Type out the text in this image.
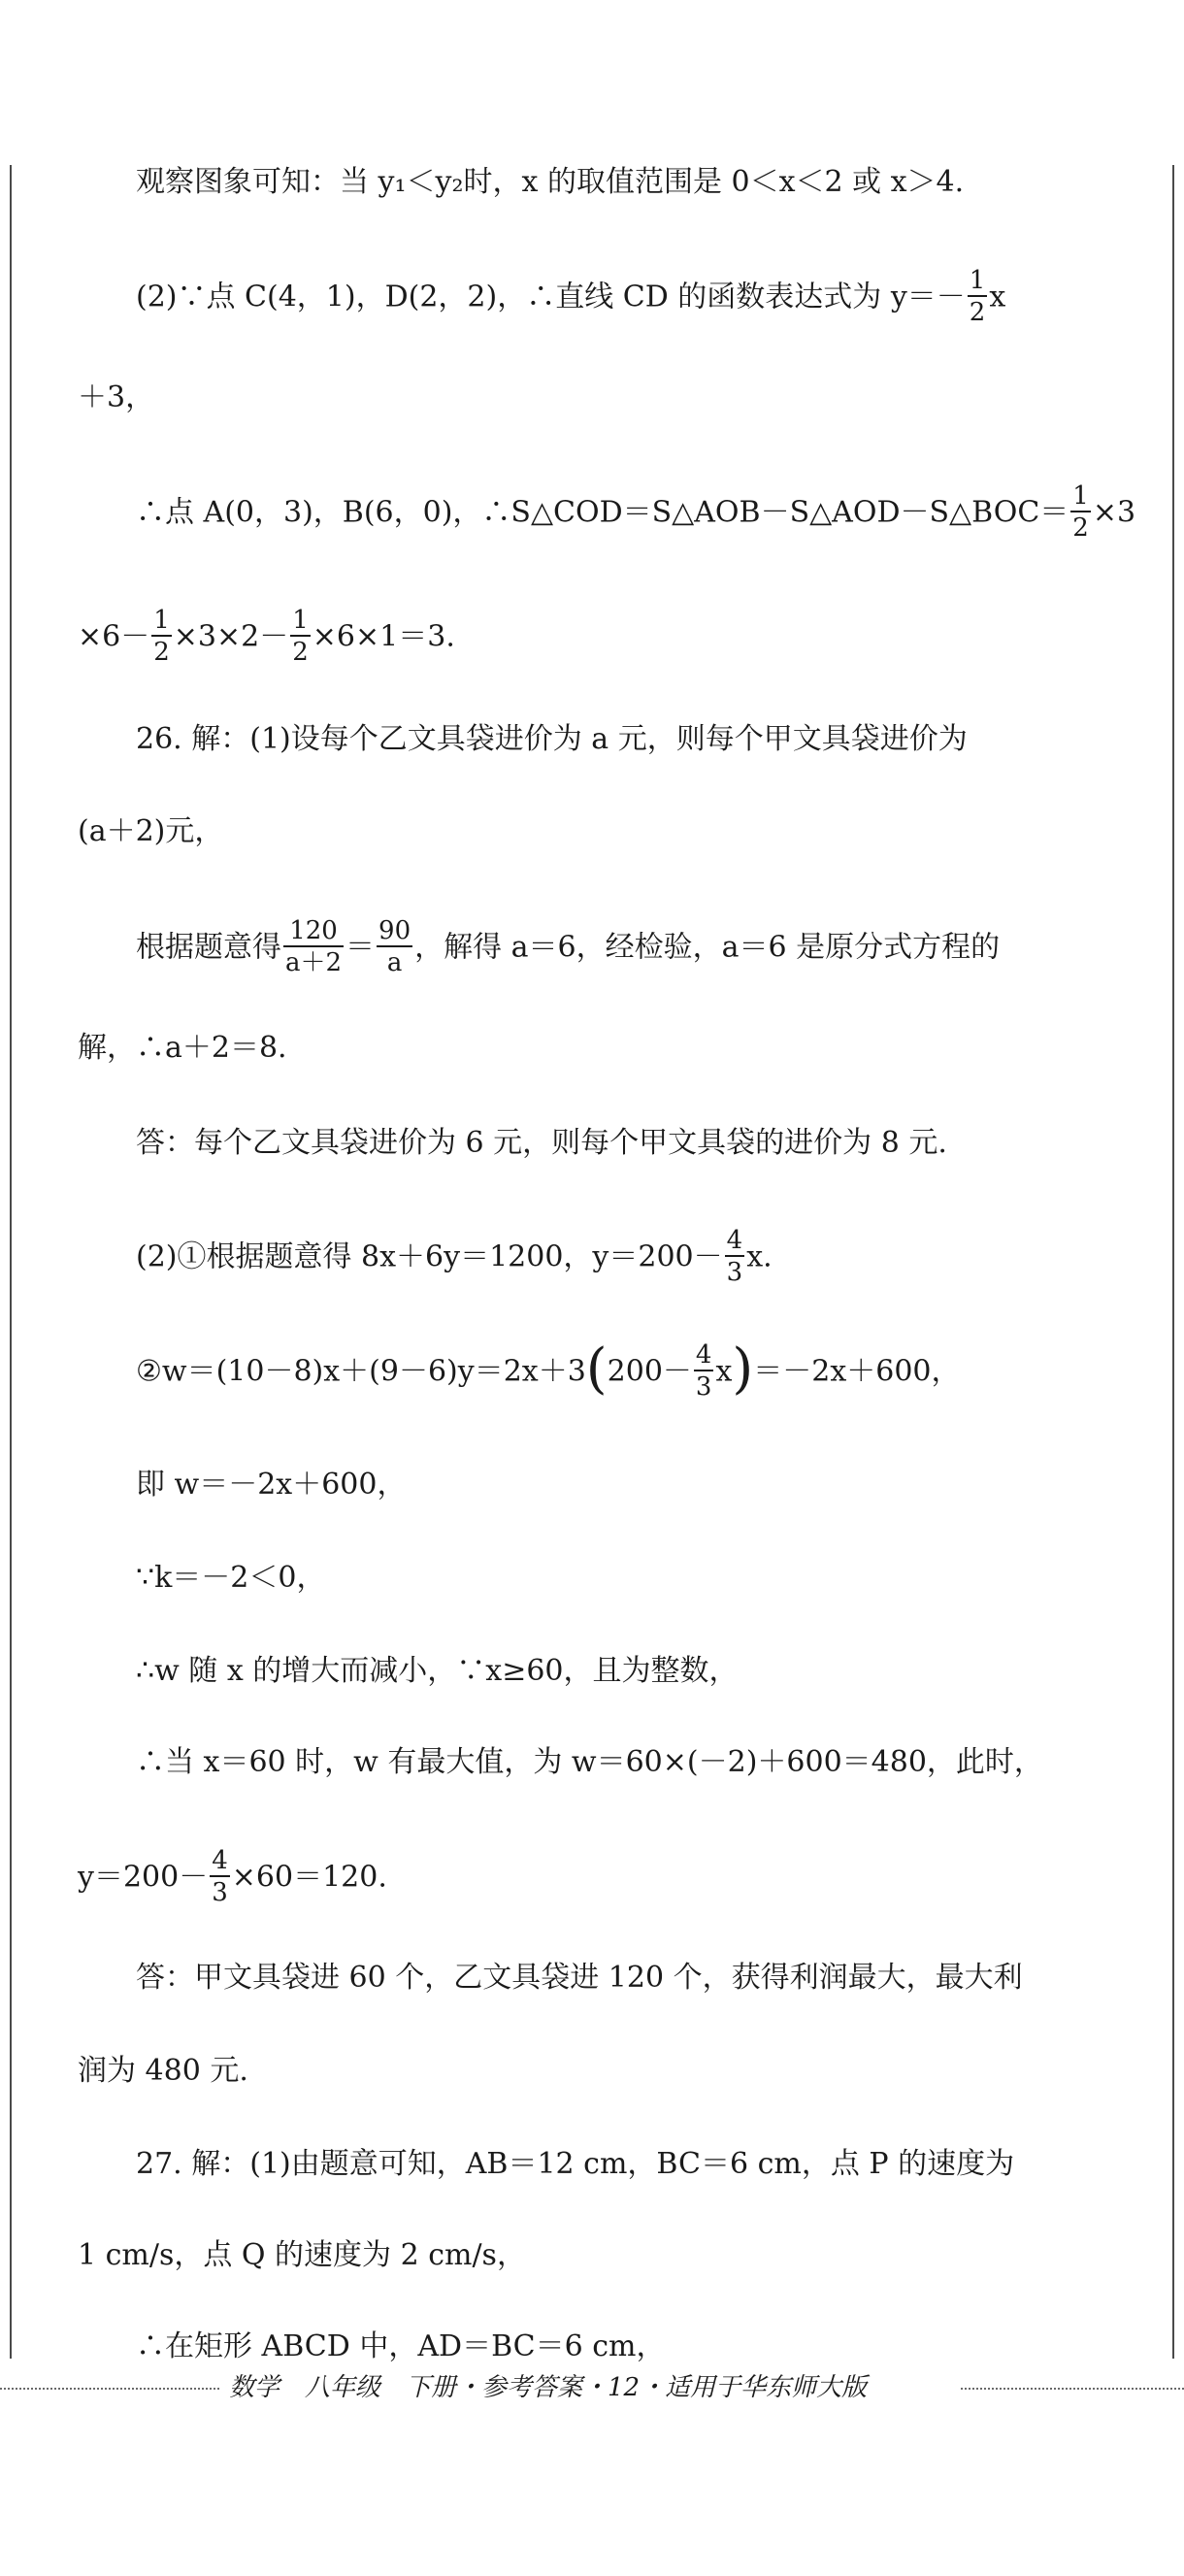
观察图象可知：当 y₁＜y₂时，x 的取值范围是 0＜x＜2 或 x＞4.
(2)∵点 C(4，1)，D(2，2)，∴直线 CD 的函数表达式为 $y=- \frac{1}{2}$ x
＋3，
∴点 A(0，3)，B(6，0)，∴S△COD＝S△AOB－S△AOD－S△BOC＝ $\frac{1}{2} \times 3$
$\times 6- \frac{1}{2} \times 3\times 2- \frac{1}{2} \times 6\times 1=3$.
26. 解：(1)设每个乙文具袋进价为 a 元，则每个甲文具袋进价为
(a＋2)元，
根据题意得 $\frac{120}{a+2} = \frac{90}{a}$ ，解得 a＝6，经检验，a＝6 是原分式方程的
解，∴a＋2＝8.
答：每个乙文具袋进价为 6 元，则每个甲文具袋的进价为 8 元.
(2)①根据题意得 8x＋6y＝1200，$y=200- \frac{4}{3} x$.
②w＝(10－8)x＋(9－6)y＝2x＋3(200－ $\frac{4}{3} x)=-2x+600$，
即 w＝－2x＋600，
∵k＝－2＜0，
∴w 随 x 的增大而减小，∵x≥60，且为整数，
∴当 x＝60 时，w 有最大值，为 w＝60×(－2)＋600＝480，此时，
$y=200- \frac{4}{3} \times 60=120$.
答：甲文具袋进 60 个，乙文具袋进 120 个，获得利润最大，最大利
润为 480 元.
27. 解：(1)由题意可知，AB＝12 cm，BC＝6 cm，点 P 的速度为
1 cm/s，点 Q 的速度为 2 cm/s，
∴在矩形 ABCD 中，AD＝BC＝6 cm，
数学　八年级　下册・参考答案・12・适用于华东师大版
